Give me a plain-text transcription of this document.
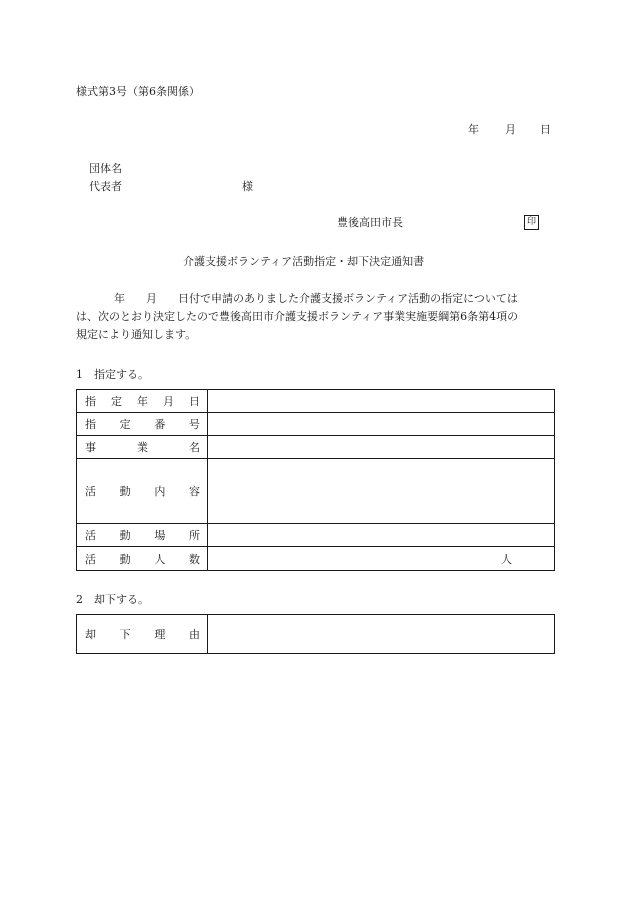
様式第3号（第6条関係）
年 月 日
団体名
代表者	様
豊後高田市長	印
介護支援ボランティア活動指定・却下決定通知書
年 月 日付で申請のありました介護支援ボランティア活動の指定については
は、次のとおり決定したので豊後高田市介護支援ボランティア事業実施要綱第6条第4項の
規定により通知します。
1　指定する。
指 定 年 月 日	

指 定 番 号	

事 業 名	

活 動 内 容	

活 動 場 所	

活 動 人 数	人
2　却下する。
却 下 理 由
